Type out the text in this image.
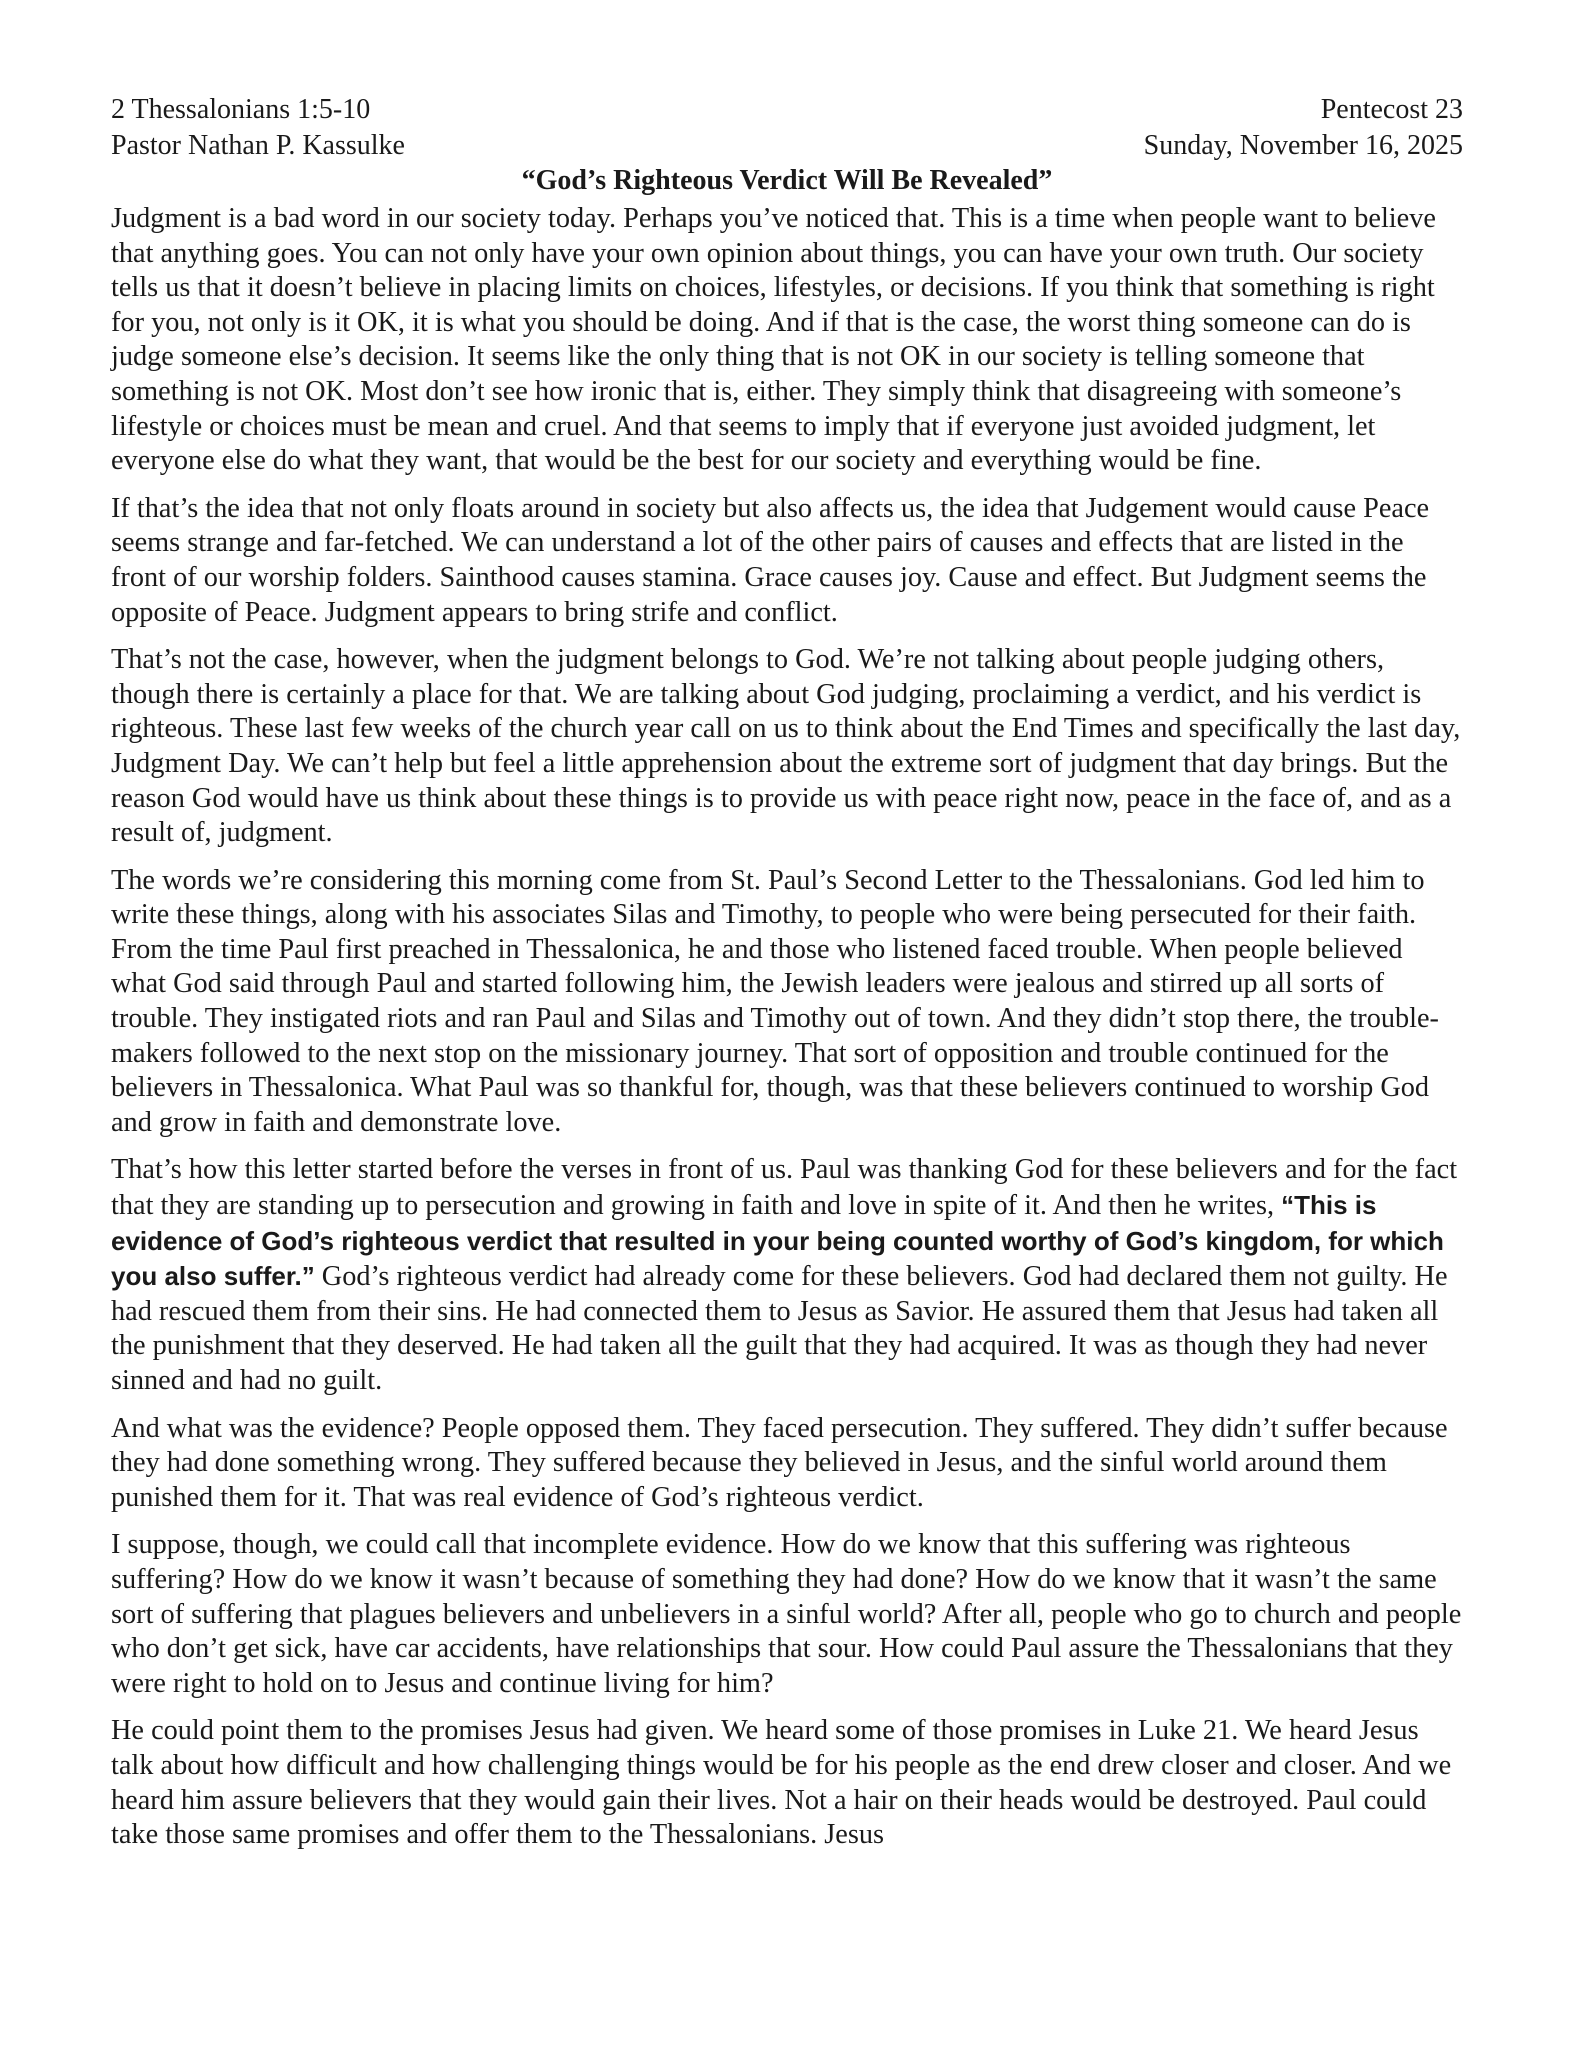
2 Thessalonians 1:5-10	Pentecost 23
Pastor Nathan P. Kassulke	Sunday, November 16, 2025
“God’s Righteous Verdict Will Be Revealed”

Judgment is a bad word in our society today. Perhaps you’ve noticed that. This is a time when people want to believe that anything goes. You can not only have your own opinion about things, you can have your own truth. Our society tells us that it doesn’t believe in placing limits on choices, lifestyles, or decisions. If you think that something is right for you, not only is it OK, it is what you should be doing. And if that is the case, the worst thing someone can do is judge someone else’s decision. It seems like the only thing that is not OK in our society is telling someone that something is not OK. Most don’t see how ironic that is, either. They simply think that disagreeing with someone’s lifestyle or choices must be mean and cruel. And that seems to imply that if everyone just avoided judgment, let everyone else do what they want, that would be the best for our society and everything would be fine.

If that’s the idea that not only floats around in society but also affects us, the idea that Judgement would cause Peace seems strange and far-fetched. We can understand a lot of the other pairs of causes and effects that are listed in the front of our worship folders. Sainthood causes stamina. Grace causes joy. Cause and effect. But Judgment seems the opposite of Peace. Judgment appears to bring strife and conflict.

That’s not the case, however, when the judgment belongs to God. We’re not talking about people judging others, though there is certainly a place for that. We are talking about God judging, proclaiming a verdict, and his verdict is righteous. These last few weeks of the church year call on us to think about the End Times and specifically the last day, Judgment Day. We can’t help but feel a little apprehension about the extreme sort of judgment that day brings. But the reason God would have us think about these things is to provide us with peace right now, peace in the face of, and as a result of, judgment.

The words we’re considering this morning come from St. Paul’s Second Letter to the Thessalonians. God led him to write these things, along with his associates Silas and Timothy, to people who were being persecuted for their faith. From the time Paul first preached in Thessalonica, he and those who listened faced trouble. When people believed what God said through Paul and started following him, the Jewish leaders were jealous and stirred up all sorts of trouble. They instigated riots and ran Paul and Silas and Timothy out of town. And they didn’t stop there, the trouble-makers followed to the next stop on the missionary journey. That sort of opposition and trouble continued for the believers in Thessalonica. What Paul was so thankful for, though, was that these believers continued to worship God and grow in faith and demonstrate love.

That’s how this letter started before the verses in front of us. Paul was thanking God for these believers and for the fact that they are standing up to persecution and growing in faith and love in spite of it. And then he writes, “This is evidence of God’s righteous verdict that resulted in your being counted worthy of God’s kingdom, for which you also suffer.” God’s righteous verdict had already come for these believers. God had declared them not guilty. He had rescued them from their sins. He had connected them to Jesus as Savior. He assured them that Jesus had taken all the punishment that they deserved. He had taken all the guilt that they had acquired. It was as though they had never sinned and had no guilt.

And what was the evidence? People opposed them. They faced persecution. They suffered. They didn’t suffer because they had done something wrong. They suffered because they believed in Jesus, and the sinful world around them punished them for it. That was real evidence of God’s righteous verdict.

I suppose, though, we could call that incomplete evidence. How do we know that this suffering was righteous suffering? How do we know it wasn’t because of something they had done? How do we know that it wasn’t the same sort of suffering that plagues believers and unbelievers in a sinful world? After all, people who go to church and people who don’t get sick, have car accidents, have relationships that sour. How could Paul assure the Thessalonians that they were right to hold on to Jesus and continue living for him?

He could point them to the promises Jesus had given. We heard some of those promises in Luke 21. We heard Jesus talk about how difficult and how challenging things would be for his people as the end drew closer and closer. And we heard him assure believers that they would gain their lives. Not a hair on their heads would be destroyed. Paul could take those same promises and offer them to the Thessalonians. Jesus
